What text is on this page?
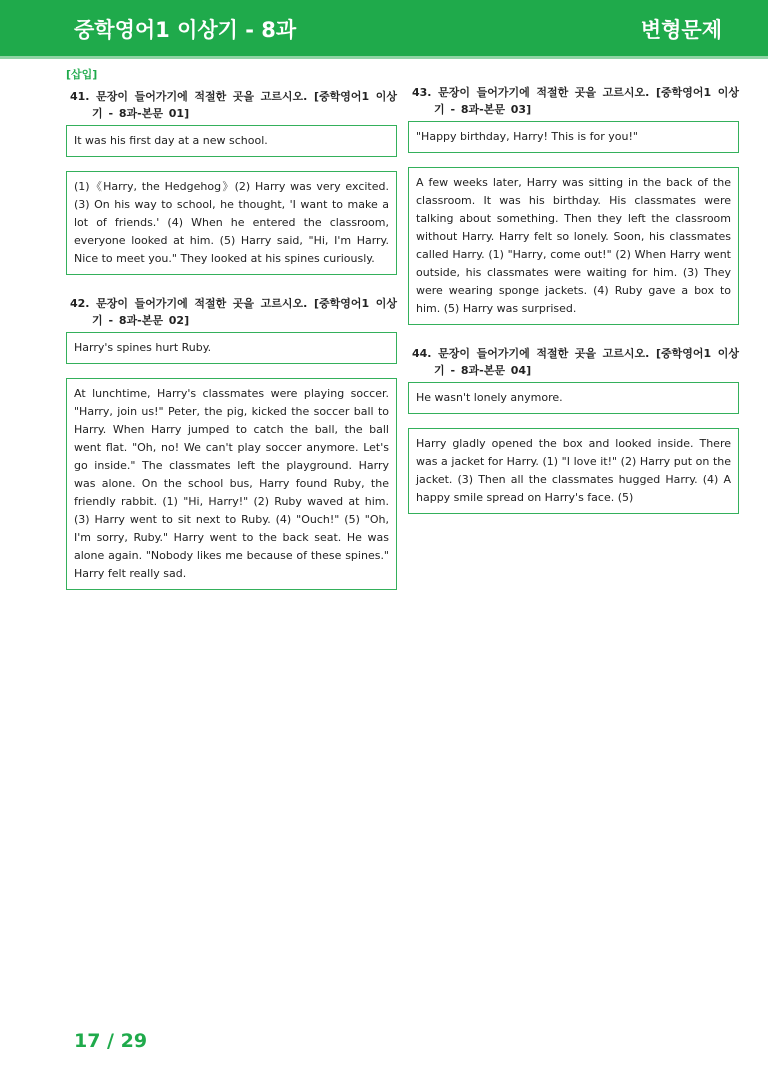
중학영어1 이상기 - 8과	변형문제
[삽입]
41. 문장이 들어가기에 적절한 곳을 고르시오. [중학영어1 이상기 - 8과-본문 01]
It was his first day at a new school.
(1)《Harry, the Hedgehog》(2) Harry was very excited. (3) On his way to school, he thought, 'I want to make a lot of friends.' (4) When he entered the classroom, everyone looked at him. (5) Harry said, "Hi, I'm Harry. Nice to meet you." They looked at his spines curiously.
42. 문장이 들어가기에 적절한 곳을 고르시오. [중학영어1 이상기 - 8과-본문 02]
Harry's spines hurt Ruby.
At lunchtime, Harry's classmates were playing soccer. "Harry, join us!" Peter, the pig, kicked the soccer ball to Harry. When Harry jumped to catch the ball, the ball went flat. "Oh, no! We can't play soccer anymore. Let's go inside." The classmates left the playground. Harry was alone. On the school bus, Harry found Ruby, the friendly rabbit. (1) "Hi, Harry!" (2) Ruby waved at him. (3) Harry went to sit next to Ruby. (4) "Ouch!" (5) "Oh, I'm sorry, Ruby." Harry went to the back seat. He was alone again. "Nobody likes me because of these spines." Harry felt really sad.
43. 문장이 들어가기에 적절한 곳을 고르시오. [중학영어1 이상기 - 8과-본문 03]
"Happy birthday, Harry! This is for you!"
A few weeks later, Harry was sitting in the back of the classroom. It was his birthday. His classmates were talking about something. Then they left the classroom without Harry. Harry felt so lonely. Soon, his classmates called Harry. (1) "Harry, come out!" (2) When Harry went outside, his classmates were waiting for him. (3) They were wearing sponge jackets. (4) Ruby gave a box to him. (5) Harry was surprised.
44. 문장이 들어가기에 적절한 곳을 고르시오. [중학영어1 이상기 - 8과-본문 04]
He wasn't lonely anymore.
Harry gladly opened the box and looked inside. There was a jacket for Harry. (1) "I love it!" (2) Harry put on the jacket. (3) Then all the classmates hugged Harry. (4) A happy smile spread on Harry's face. (5)
17 / 29
